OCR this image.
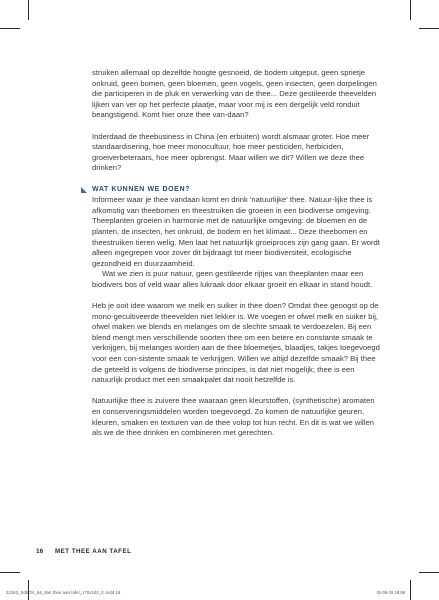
struiken allemaal op dezelfde hoogte gesnoeid, de bodem uitgeput, geen sprietje onkruid, geen bomen, geen bloemen, geen vogels, geen insecten, geen dorpelingen die participeren in de pluk en verwerking van de thee... Deze gestileerde theevelden lijken van ver op het perfecte plaatje, maar voor mij is een dergelijk veld ronduit beangstigend. Komt hier onze thee van-daan?

Inderdaad de theebusiness in China (en erbuiten) wordt alsmaar groter. Hoe meer standaardisering, hoe meer monocultuur, hoe meer pesticiden, herbiciden, groeiverbeteraars, hoe meer opbrengst. Maar willen we dit? Willen we deze thee drinken?

WAT KUNNEN WE DOEN?

Informeer waar je thee vandaan komt en drink 'natuurlijke' thee. Natuur-lijke thee is afkomstig van theebomen en theestruiken die groeien in een biodiverse omgeving. Theeplanten groeien in harmonie met de natuurlijke omgeving: de bloemen en de planten, de insecten, het onkruid, de bodem en het klimaat... Deze theebomen en theestruiken tieren welig. Men laat het natuurlijk groeiproces zijn gang gaan. Er wordt alleen ingegrepen voor zover dit bijdraagt tot meer biodiversiteit, ecologische gezondheid en duurzaamheid.

Wat we zien is puur natuur, geen gestileerde rijtjes van theeplanten maar een biodivers bos of veld waar alles lukraak door elkaar groeit en elkaar in stand houdt.

Heb je ooit idee waarom we melk en suiker in thee doen? Omdat thee geoogst op de mono-gecultiveerde theevelden niet lekker is. We voegen er ofwel melk en suiker bij, ofwel maken we blends en melanges om de slechte smaak te verdoezelen. Bij een blend mengt men verschillende soorten thee om een betere en constante smaak te verkrijgen, bij melanges worden aan de thee bloemetjes, blaadjes, takjes toegevoegd voor een con-sistente smaak te verkrijgen. Willen we altijd dezelfde smaak? Bij thee die geteeld is volgens de biodiverse principes, is dat niet mogelijk; thee is een natuurlijk product met een smaakpalet dat nooit hetzelfde is.

Natuurlijke thee is zuivere thee waaraan geen kleurstoffen, (synthetische) aromaten en conserveringsmiddelen worden toegevoegd. Zo komen de natuurlijke geuren, kleuren, smaken en texturen van de thee volop tot hun recht. En dit is wat we willen als we de thee drinken en combineren met gerechten.

16 MET THEE AAN TAFEL
22263_SdbOV_84_Met thee aan tafel_170x240_fc.indd 16	02-09-19 18:59
